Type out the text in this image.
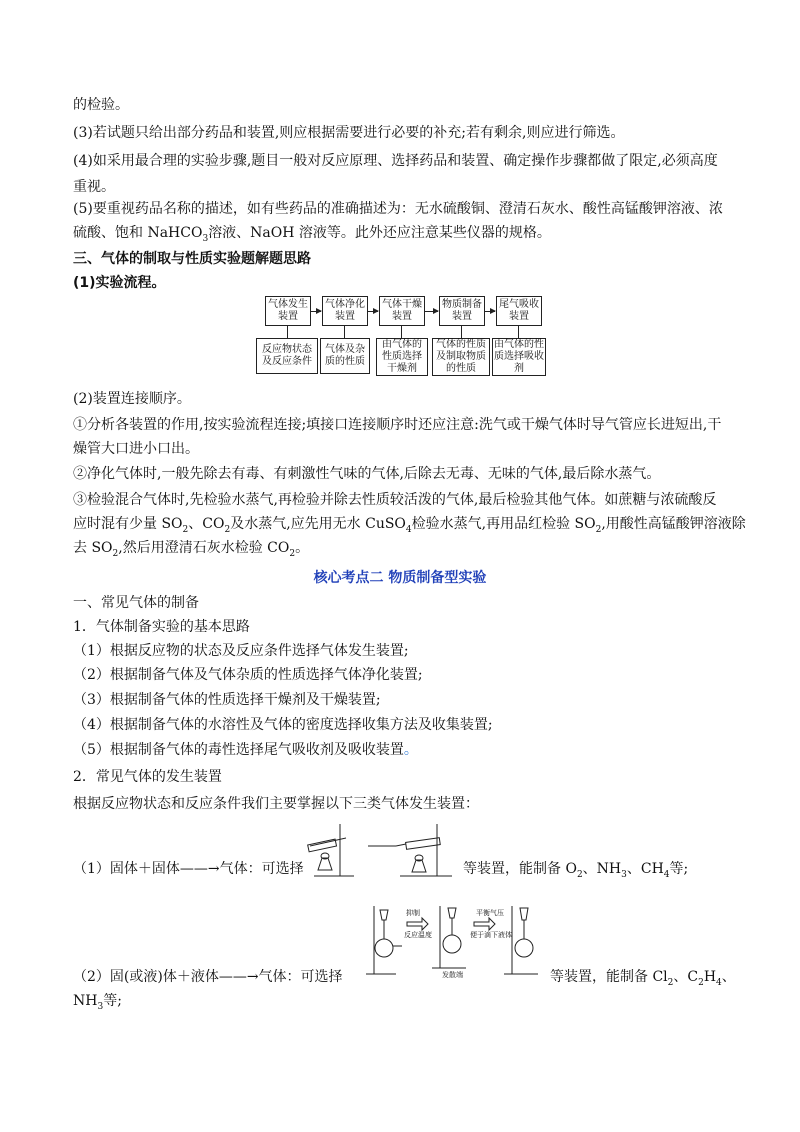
的检验。
(3)若试题只给出部分药品和装置,则应根据需要进行必要的补充;若有剩余,则应进行筛选。
(4)如采用最合理的实验步骤,题目一般对反应原理、选择药品和装置、确定操作步骤都做了限定,必须高度
重视。
(5)要重视药品名称的描述，如有些药品的准确描述为：无水硫酸铜、澄清石灰水、酸性高锰酸钾溶液、浓
硫酸、饱和 NaHCO$_3$溶液、NaOH 溶液等。此外还应注意某些仪器的规格。
三、气体的制取与性质实验题解题思路
(1)实验流程。
气体发生装置
气体净化装置
气体干燥装置
物质制备装置
尾气吸收装置
反应物状态及反应条件
气体及杂质的性质
由气体的性质选择干燥剂
气体的性质及制取物质的性质
由气体的性质选择吸收剂
(2)装置连接顺序。
①分析各装置的作用,按实验流程连接;填接口连接顺序时还应注意:洗气或干燥气体时导气管应长进短出,干
燥管大口进小口出。
②净化气体时,一般先除去有毒、有刺激性气味的气体,后除去无毒、无味的气体,最后除水蒸气。
③检验混合气体时,先检验水蒸气,再检验并除去性质较活泼的气体,最后检验其他气体。如蔗糖与浓硫酸反
应时混有少量 $SO_2$、$CO_2$及水蒸气,应先用无水 CuSO$_4$检验水蒸气,再用品红检验 $SO_2$,用酸性高锰酸钾溶液除
去 $SO_2$,然后用澄清石灰水检验 $CO_2$。
核心考点二 物质制备型实验
一、常见气体的制备
1．气体制备实验的基本思路
（1）根据反应物的状态及反应条件选择气体发生装置;
（2）根据制备气体及气体杂质的性质选择气体净化装置;
（3）根据制备气体的性质选择干燥剂及干燥装置;
（4）根据制备气体的水溶性及气体的密度选择收集方法及收集装置;
（5）根据制备气体的毒性选择尾气吸收剂及吸收装置。
2．常见气体的发生装置
根据反应物状态和反应条件我们主要掌握以下三类气体发生装置：
（1）固体＋固体——→气体：可选择	等装置，能制备 $O_2$、$NH_3$、$CH_4$等;
（2）固(或液)体＋液体——→气体：可选择
抑制
反应温度
发散端
平衡气压
便于滴下液体
等装置，能制备 $Cl_2$、$C_2H_4$、
$NH_3$等;
